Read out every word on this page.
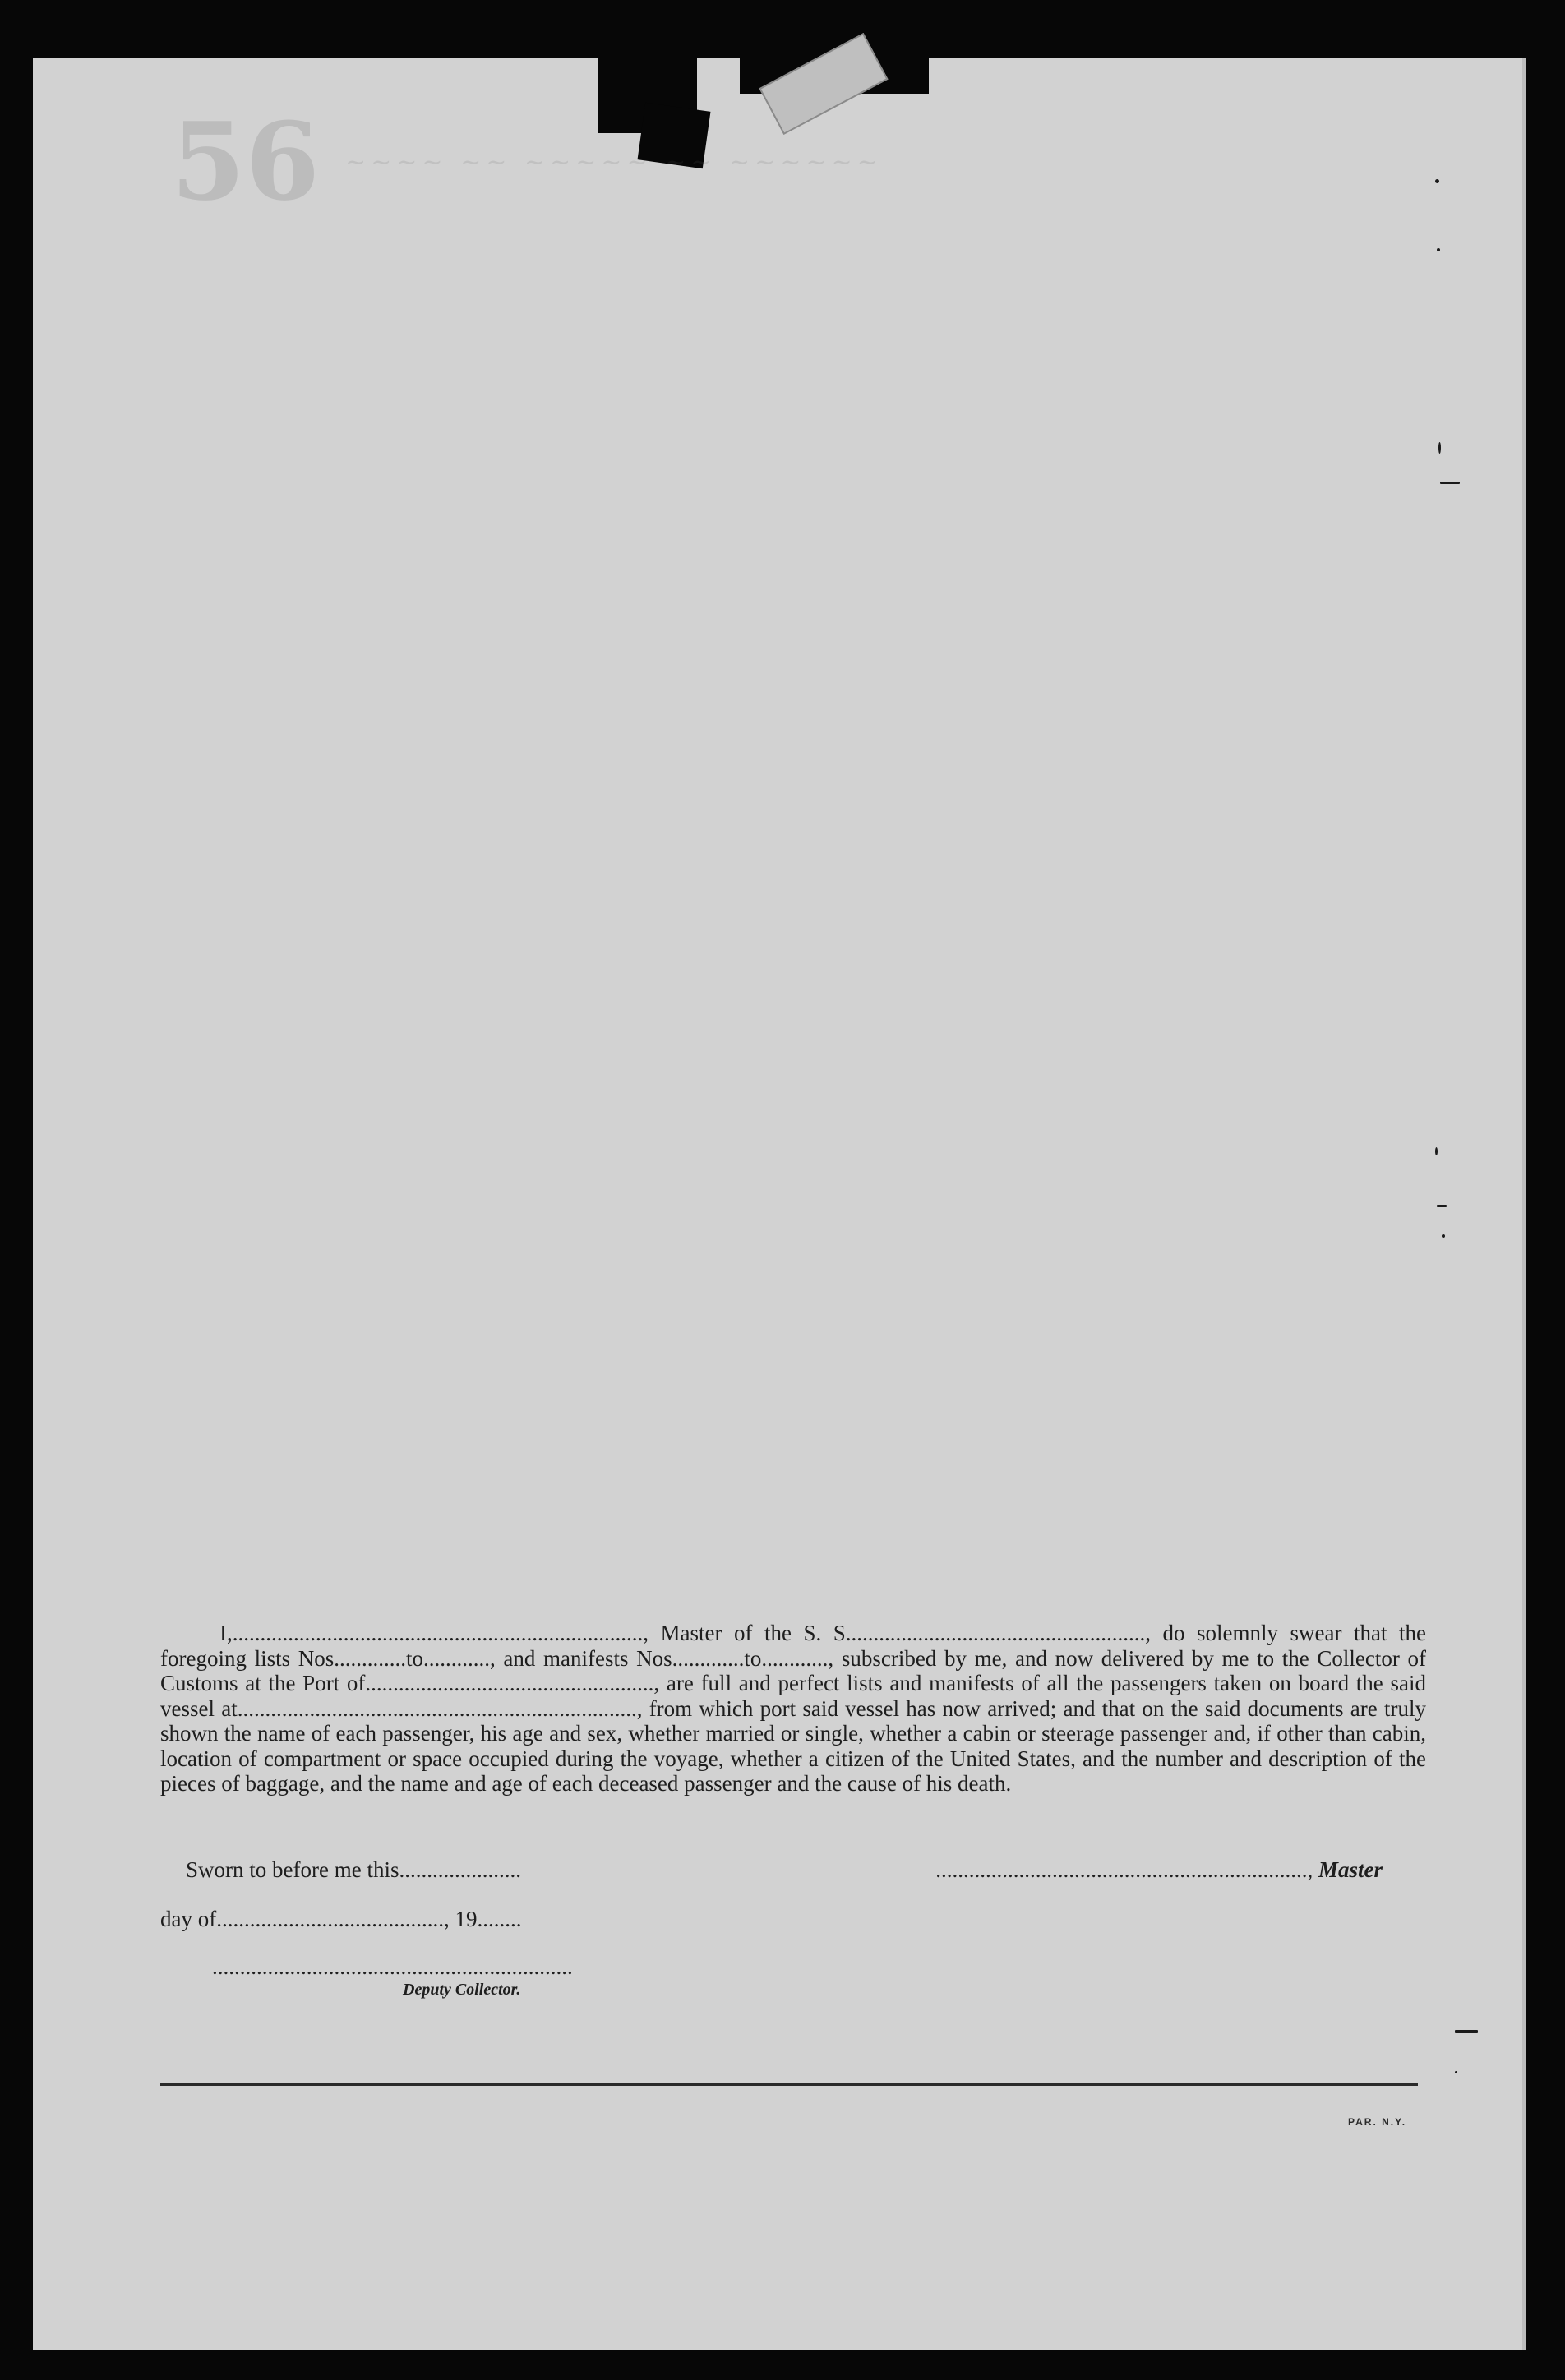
56 ~~~~ ~~ ~~~~~ ~~ ~~~~~~

I,.........................................................................., Master of the S. S......................................................, do solemnly swear that the foregoing lists Nos.............to............, and manifests Nos.............to............, subscribed by me, and now delivered by me to the Collector of Customs at the Port of...................................................., are full and perfect lists and manifests of all the passengers taken on board the said vessel at........................................................................, from which port said vessel has now arrived; and that on the said documents are truly shown the name of each passenger, his age and sex, whether married or single, whether a cabin or steerage passenger and, if other than cabin, location of compartment or space occupied during the voyage, whether a citizen of the United States, and the number and description of the pieces of baggage, and the name and age of each deceased passenger and the cause of his death.

Sworn to before me this......................	..................................................................., Master
day of........................................., 19........
.................................................................
Deputy Collector.
PAR. N.Y.
